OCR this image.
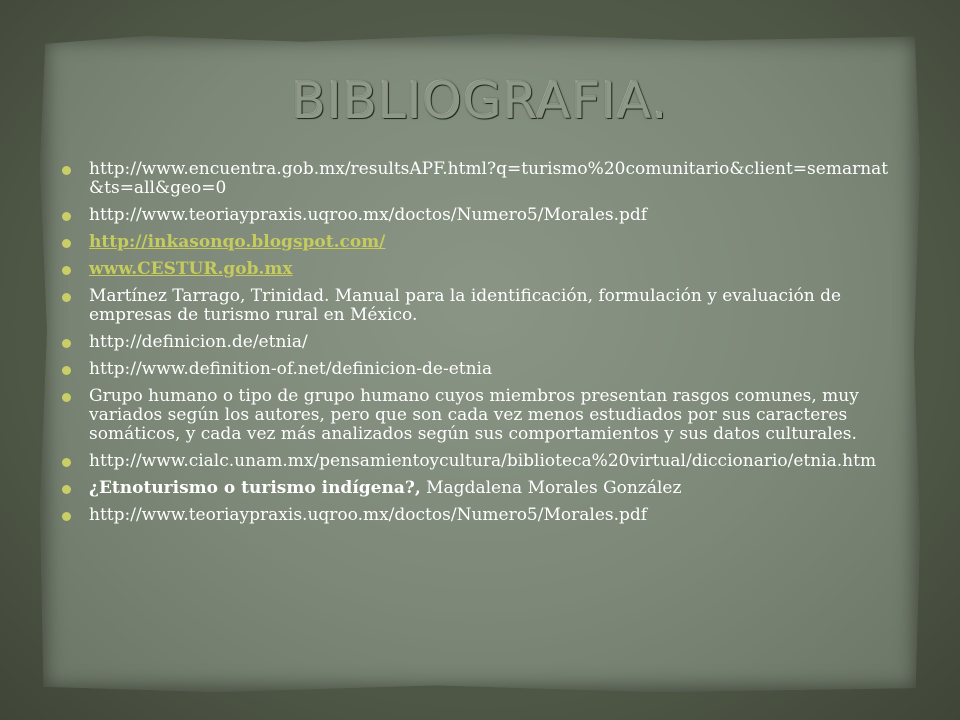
BIBLIOGRAFIA.
http://www.encuentra.gob.mx/resultsAPF.html?q=turismo%20comunitario&client=semarnat&ts=all&geo=0
http://www.teoriaypraxis.uqroo.mx/doctos/Numero5/Morales.pdf
http://inkasonqo.blogspot.com/
www.CESTUR.gob.mx
Martínez Tarrago, Trinidad. Manual para la identificación, formulación y evaluación de empresas de turismo rural en México.
http://definicion.de/etnia/
http://www.definition-of.net/definicion-de-etnia
Grupo humano o tipo de grupo humano cuyos miembros presentan rasgos comunes, muy variados según los autores, pero que son cada vez menos estudiados por sus caracteres somáticos, y cada vez más analizados según sus comportamientos y sus datos culturales.
http://www.cialc.unam.mx/pensamientoycultura/biblioteca%20virtual/diccionario/etnia.htm
¿Etnoturismo o turismo indígena?, Magdalena Morales González
http://www.teoriaypraxis.uqroo.mx/doctos/Numero5/Morales.pdf
